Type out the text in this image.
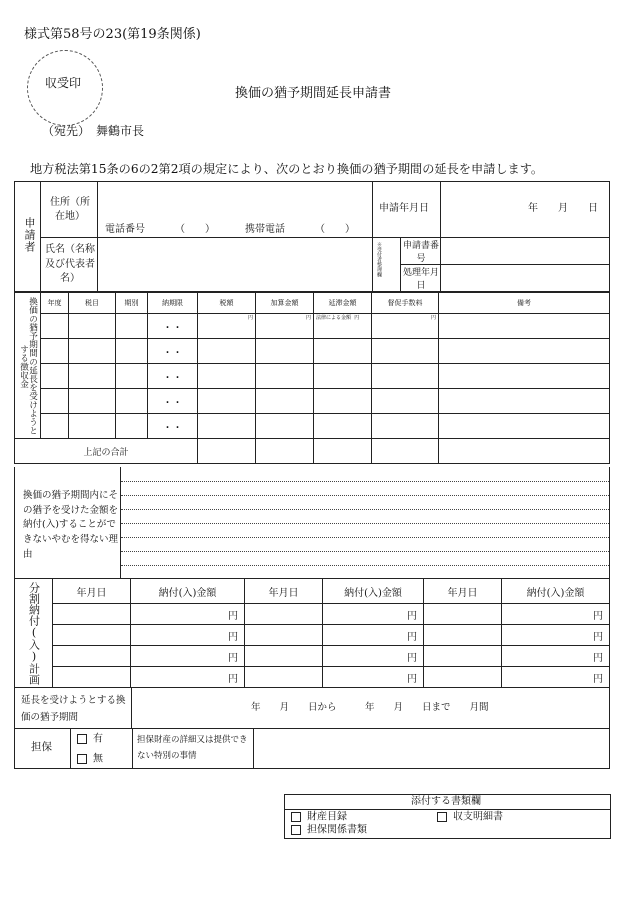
様式第58号の23(第19条関係)
収受印
換価の猶予期間延長申請書
（宛先）　舞鶴市長
地方税法第15条の6の2第2項の規定により、次のとおり換価の猶予期間の延長を申請します。
申請者
住所（所在地）
電話番号	（　　）	携帯電話	（　　）
申請年月日	年　　月　　日
氏名（名称及び代表者名）
※受付者整理欄 申請書番号
処理年月日
換価の猶予期間の延長を受けようとする徴収金	年度	税目	期別	納期限	税額	加算金額	延滞金額	督促手数料	備考	
				・・	円	円	法律による金額 円	円		
				・・						
				・・						
				・・						
				・・						
上記の合計										
換価の猶予期間内にその猶予を受けた金額を納付(入)することができないやむを得ない理由
分割納付(入)計画	年月日	納付(入)金額	年月日	納付(入)金額	年月日	納付(入)金額
		円		円		円
		円		円		円
		円		円		円
		円		円		円
延長を受けようとする換価の猶予期間
年　　月　　日から　　　年　　月　　日まで　　月間
担保
有
無
担保財産の詳細又は提供できない特別の事情
添付する書類欄
財産目録	収支明細書
担保関係書類
